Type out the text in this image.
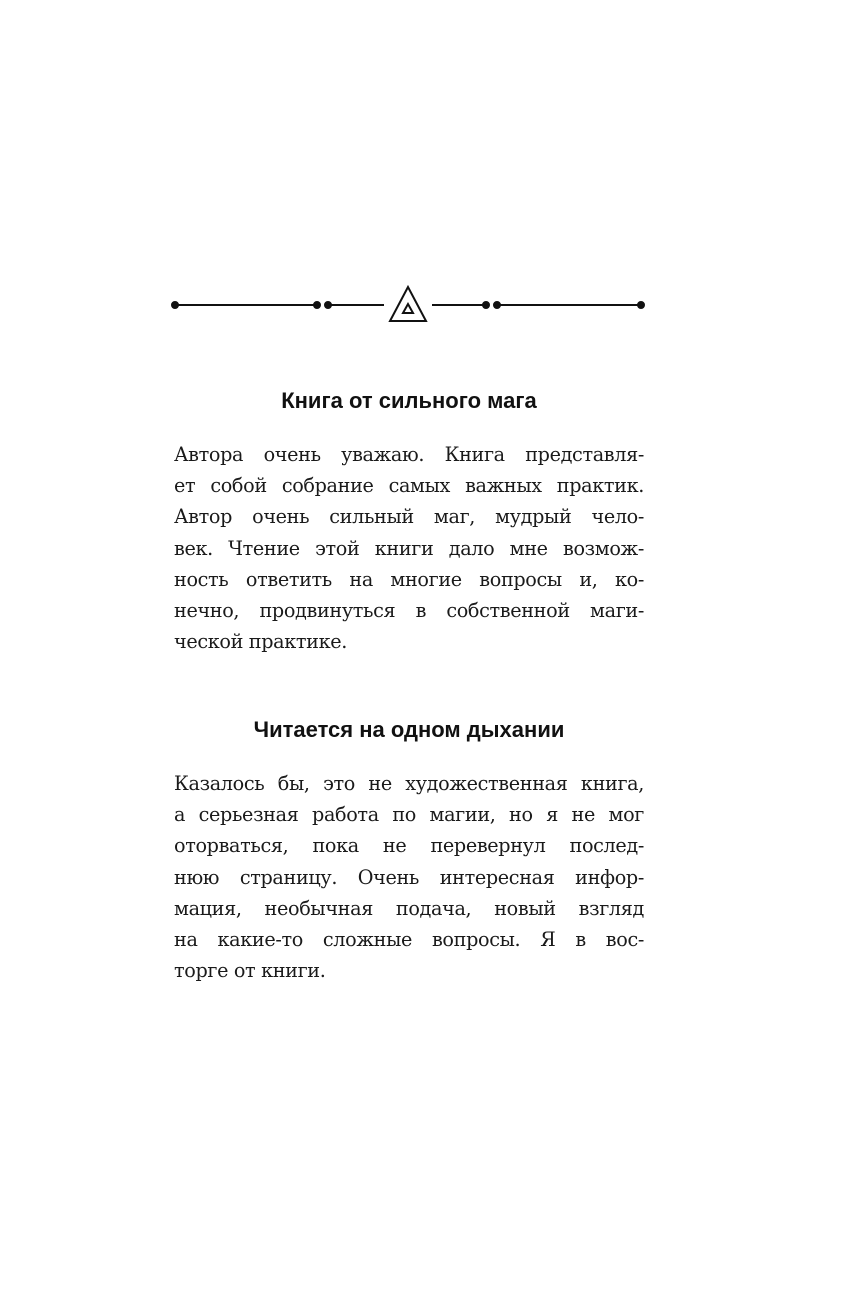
Книга от сильного мага

Автора очень уважаю. Книга представля-
ет собой собрание самых важных практик.
Автор очень сильный маг, мудрый чело-
век. Чтение этой книги дало мне возмож-
ность ответить на многие вопросы и, ко-
нечно, продвинуться в собственной маги-
ческой практике.

Читается на одном дыхании

Казалось бы, это не художественная книга,
а серьезная работа по магии, но я не мог
оторваться, пока не перевернул послед-
нюю страницу. Очень интересная инфор-
мация, необычная подача, новый взгляд
на какие-то сложные вопросы. Я в вос-
торге от книги.
